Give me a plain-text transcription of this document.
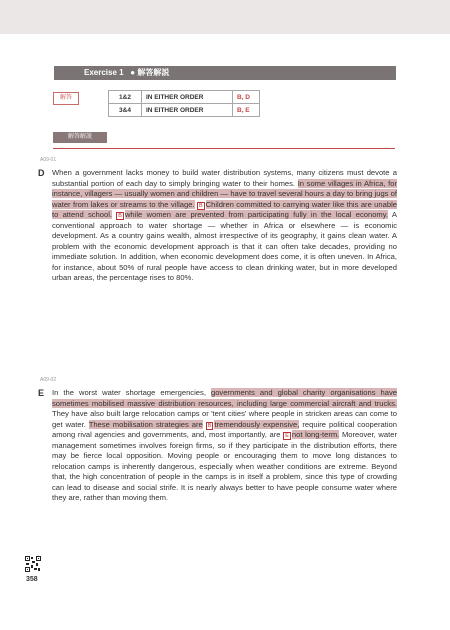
Exercise 1 ● 解答解説
解答	1&2	IN EITHER ORDER	B, D
3&4	IN EITHER ORDER	B, E
解答解説
A09-01
D When a government lacks money to build water distribution systems, many citizens must devote a substantial portion of each day to simply bringing water to their homes. In some villages in Africa, for instance, villagers — usually women and children — have to travel several hours a day to bring jugs of water from lakes or streams to the village. B Children committed to carrying water like this are unable to attend school. B while women are prevented from participating fully in the local economy. A conventional approach to water shortage — whether in Africa or elsewhere — is economic development. As a country gains wealth, almost irrespective of its geography, it gains clean water. A problem with the economic development approach is that it can often take decades, providing no immediate solution. In addition, when economic development does come, it is often uneven. In Africa, for instance, about 50% of rural people have access to clean drinking water, but in more developed urban areas, the percentage rises to 80%.

A09-02
E In the worst water shortage emergencies, governments and global charity organisations have sometimes mobilised massive distribution resources, including large commercial aircraft and trucks. They have also built large relocation camps or 'tent cities' where people in stricken areas can come to get water. These mobilisation strategies are B tremendously expensive, require political cooperation among rival agencies and governments, and, most importantly, are E not long-term. Moreover, water management sometimes involves foreign firms, so if they participate in the distribution efforts, there may be fierce local opposition. Moving people or encouraging them to move long distances to relocation camps is inherently dangerous, especially when weather conditions are extreme. Beyond that, the high concentration of people in the camps is in itself a problem, since this type of crowding can lead to disease and social strife. It is nearly always better to have people consume water where they are, rather than moving them.

358
